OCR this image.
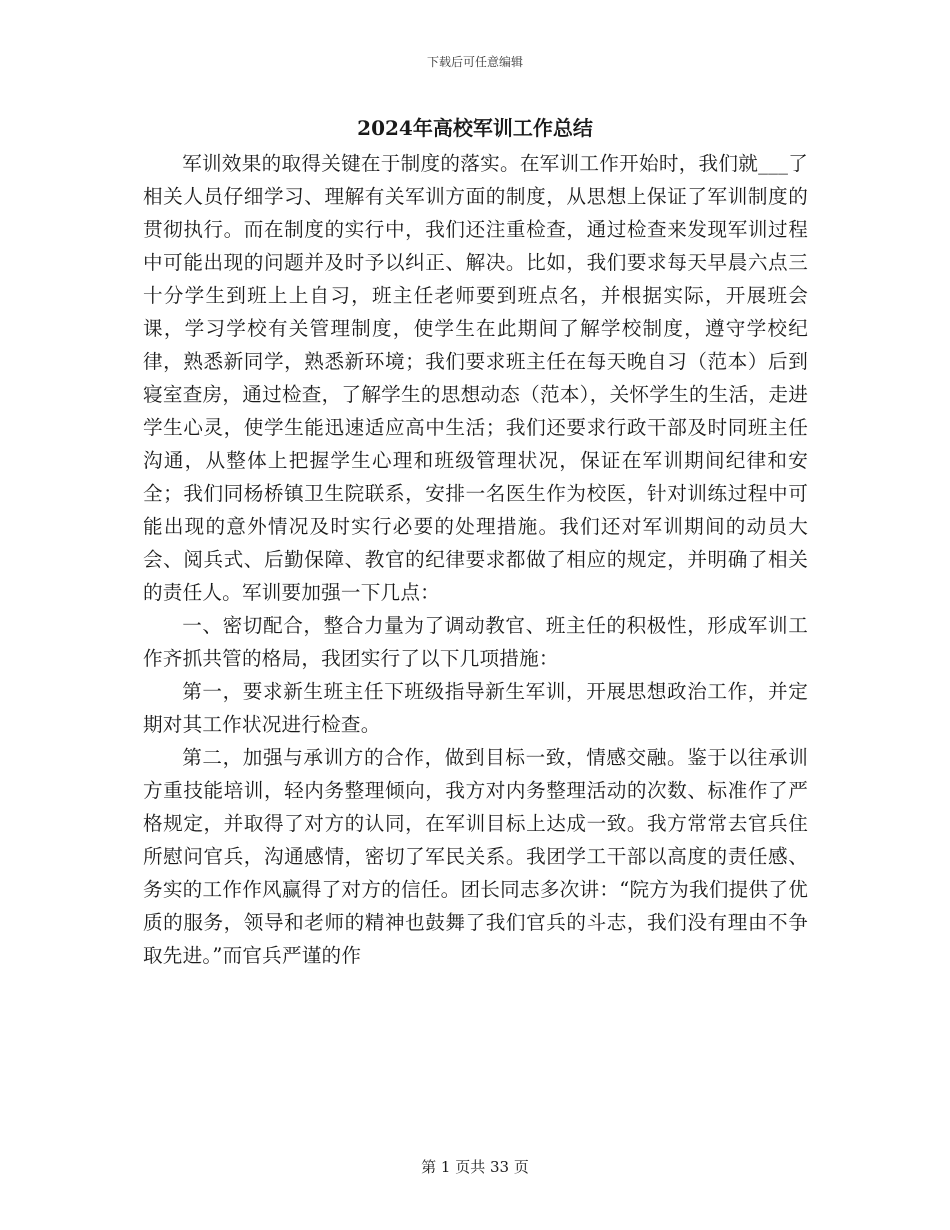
下载后可任意编辑
2024年高校军训工作总结

军训效果的取得关键在于制度的落实。在军训工作开始时，我们就___了相关人员仔细学习、理解有关军训方面的制度，从思想上保证了军训制度的贯彻执行。而在制度的实行中，我们还注重检查，通过检查来发现军训过程中可能出现的问题并及时予以纠正、解决。比如，我们要求每天早晨六点三十分学生到班上上自习，班主任老师要到班点名，并根据实际，开展班会课，学习学校有关管理制度，使学生在此期间了解学校制度，遵守学校纪律，熟悉新同学，熟悉新环境；我们要求班主任在每天晚自习（范本）后到寝室查房，通过检查，了解学生的思想动态（范本），关怀学生的生活，走进学生心灵，使学生能迅速适应高中生活；我们还要求行政干部及时同班主任沟通，从整体上把握学生心理和班级管理状况，保证在军训期间纪律和安全；我们同杨桥镇卫生院联系，安排一名医生作为校医，针对训练过程中可能出现的意外情况及时实行必要的处理措施。我们还对军训期间的动员大会、阅兵式、后勤保障、教官的纪律要求都做了相应的规定，并明确了相关的责任人。军训要加强一下几点：

一、密切配合，整合力量为了调动教官、班主任的积极性，形成军训工作齐抓共管的格局，我团实行了以下几项措施：

第一，要求新生班主任下班级指导新生军训，开展思想政治工作，并定期对其工作状况进行检查。

第二，加强与承训方的合作，做到目标一致，情感交融。鉴于以往承训方重技能培训，轻内务整理倾向，我方对内务整理活动的次数、标准作了严格规定，并取得了对方的认同，在军训目标上达成一致。我方常常去官兵住所慰问官兵，沟通感情，密切了军民关系。我团学工干部以高度的责任感、务实的工作作风赢得了对方的信任。团长同志多次讲：“院方为我们提供了优质的服务，领导和老师的精神也鼓舞了我们官兵的斗志，我们没有理由不争取先进。”而官兵严谨的作

第 1 页共 33 页
